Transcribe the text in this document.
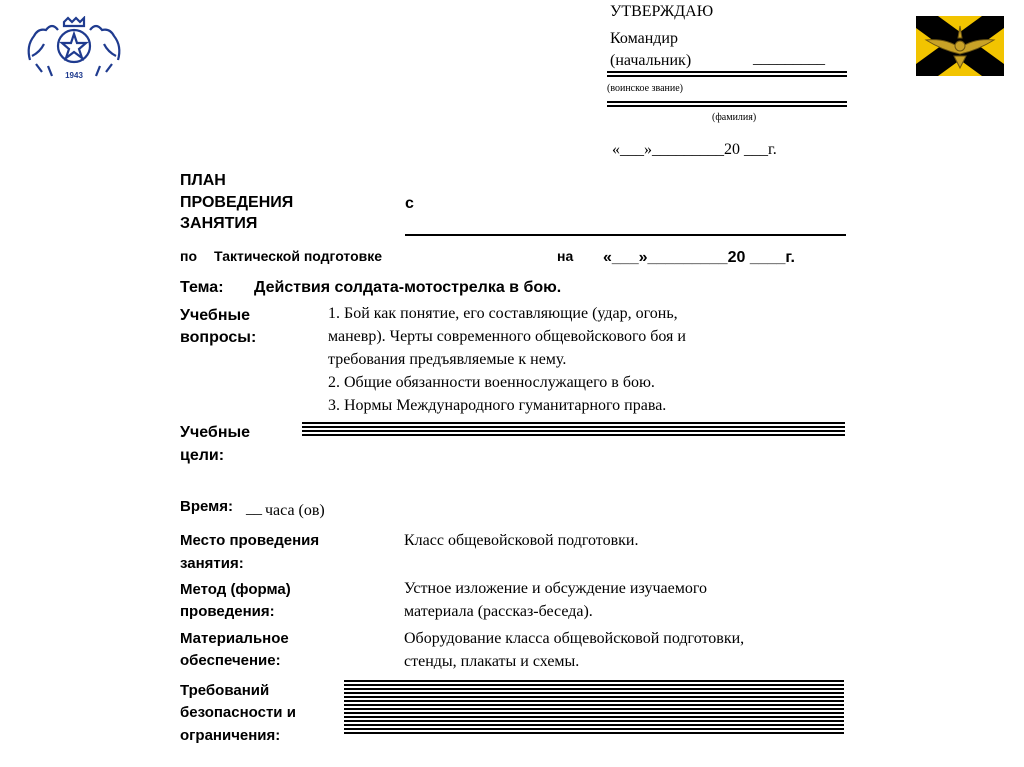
1943
УТВЕРЖДАЮ
Командир
(начальник)	_________
(воинское звание)
(фамилия)
«___»_________20 ___г.
ПЛАН
ПРОВЕДЕНИЯ
ЗАНЯТИЯ
с
по Тактической подготовке	на «___»_________20 ____г.
Тема: Действия солдата-мотострелка в бою.
Учебные
вопросы:
1. Бой как понятие, его составляющие (удар, огонь,
маневр). Черты современного общевойскового боя и
требования предъявляемые к нему.
2. Общие обязанности военнослужащего в бою.
3. Нормы Международного гуманитарного права.
Учебные
цели:
Время: __ часа (ов)
Место проведения
занятия:
Класс общевойсковой подготовки.
Метод (форма)
проведения:
Устное изложение и обсуждение изучаемого
материала (рассказ-беседа).
Материальное
обеспечение:
Оборудование класса общевойсковой подготовки,
стенды, плакаты и схемы.
Требований
безопасности и
ограничения:
